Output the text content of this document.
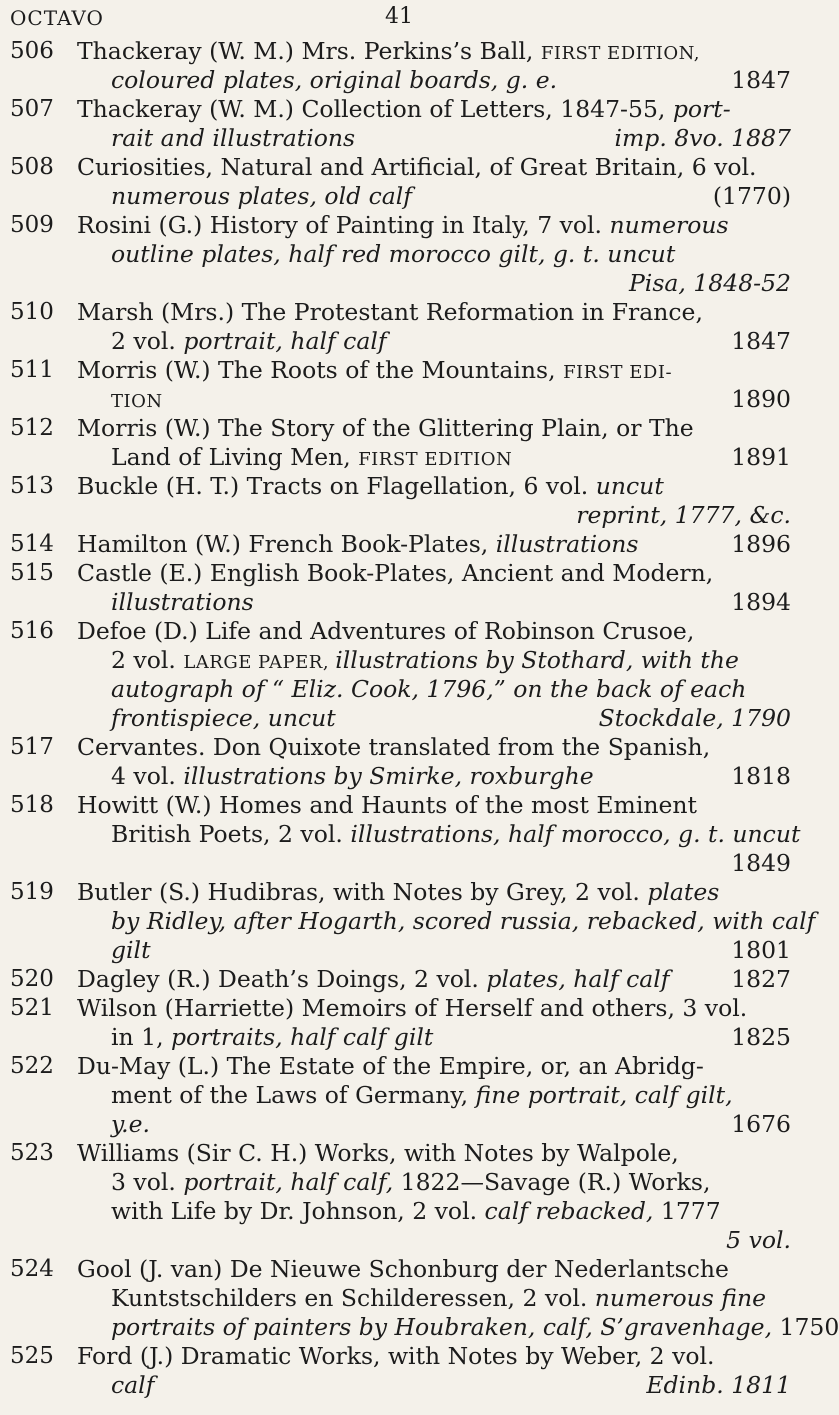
OCTAVO	41
506 Thackeray (W. M.) Mrs. Perkins’s Ball, FIRST EDITION,
coloured plates, original boards, g. e.	1847
507 Thackeray (W. M.) Collection of Letters, 1847-55, port-
rait and illustrations	imp. 8vo. 1887
508 Curiosities, Natural and Artificial, of Great Britain, 6 vol.
numerous plates, old calf	(1770)
509 Rosini (G.) History of Painting in Italy, 7 vol. numerous
outline plates, half red morocco gilt, g. t. uncut
Pisa, 1848-52
510 Marsh (Mrs.) The Protestant Reformation in France,
2 vol. portrait, half calf	1847
511 Morris (W.) The Roots of the Mountains, FIRST EDI-
TION	1890
512 Morris (W.) The Story of the Glittering Plain, or The
Land of Living Men, FIRST EDITION	1891
513 Buckle (H. T.) Tracts on Flagellation, 6 vol. uncut
reprint, 1777, &c.
514 Hamilton (W.) French Book-Plates, illustrations	1896
515 Castle (E.) English Book-Plates, Ancient and Modern,
illustrations	1894
516 Defoe (D.) Life and Adventures of Robinson Crusoe,
2 vol. LARGE PAPER, illustrations by Stothard, with the
autograph of “ Eliz. Cook, 1796,” on the back of each
frontispiece, uncut	Stockdale, 1790
517 Cervantes. Don Quixote translated from the Spanish,
4 vol. illustrations by Smirke, roxburghe	1818
518 Howitt (W.) Homes and Haunts of the most Eminent
British Poets, 2 vol. illustrations, half morocco, g. t. uncut
1849
519 Butler (S.) Hudibras, with Notes by Grey, 2 vol. plates
by Ridley, after Hogarth, scored russia, rebacked, with calf
gilt	1801
520 Dagley (R.) Death’s Doings, 2 vol. plates, half calf	1827
521 Wilson (Harriette) Memoirs of Herself and others, 3 vol.
in 1, portraits, half calf gilt	1825
522 Du-May (L.) The Estate of the Empire, or, an Abridg-
ment of the Laws of Germany, fine portrait, calf gilt,
y.e.	1676
523 Williams (Sir C. H.) Works, with Notes by Walpole,
3 vol. portrait, half calf, 1822—Savage (R.) Works,
with Life by Dr. Johnson, 2 vol. calf rebacked, 1777
5 vol.
524 Gool (J. van) De Nieuwe Schonburg der Nederlantsche
Kuntstschilders en Schilderessen, 2 vol. numerous fine
portraits of painters by Houbraken, calf, S’gravenhage, 1750
525 Ford (J.) Dramatic Works, with Notes by Weber, 2 vol.
calf	Edinb. 1811
